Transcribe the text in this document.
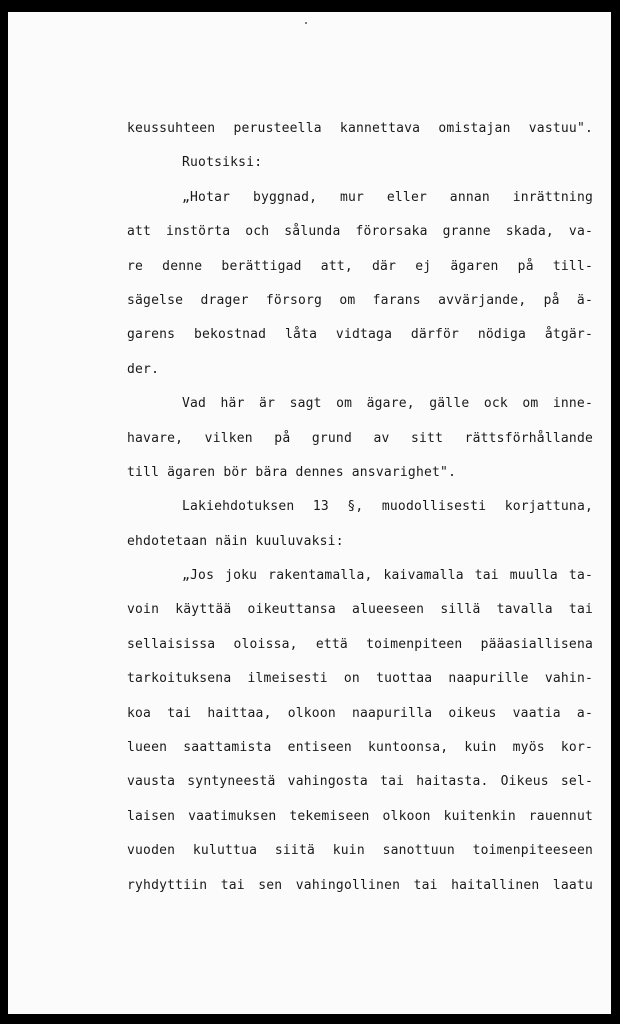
keussuhteen perusteella kannettava omistajan vastuu".
Ruotsiksi:
„Hotar byggnad, mur eller annan inrättning
att instörta och sålunda förorsaka granne skada, va-
re denne berättigad att, där ej ägaren på till-
sägelse drager försorg om farans avvärjande, på ä-
garens bekostnad låta vidtaga därför nödiga åtgär-
der.
Vad här är sagt om ägare, gälle ock om inne-
havare, vilken på grund av sitt rättsförhållande
till ägaren bör bära dennes ansvarighet".
Lakiehdotuksen 13 §, muodollisesti korjattuna,
ehdotetaan näin kuuluvaksi:
„Jos joku rakentamalla, kaivamalla tai muulla ta-
voin käyttää oikeuttansa alueeseen sillä tavalla tai
sellaisissa oloissa, että toimenpiteen pääasiallisena
tarkoituksena ilmeisesti on tuottaa naapurille vahin-
koa tai haittaa, olkoon naapurilla oikeus vaatia a-
lueen saattamista entiseen kuntoonsa, kuin myös kor-
vausta syntyneestä vahingosta tai haitasta. Oikeus sel-
laisen vaatimuksen tekemiseen olkoon kuitenkin rauennut
vuoden kuluttua siitä kuin sanottuun toimenpiteeseen
ryhdyttiin tai sen vahingollinen tai haitallinen laatu
